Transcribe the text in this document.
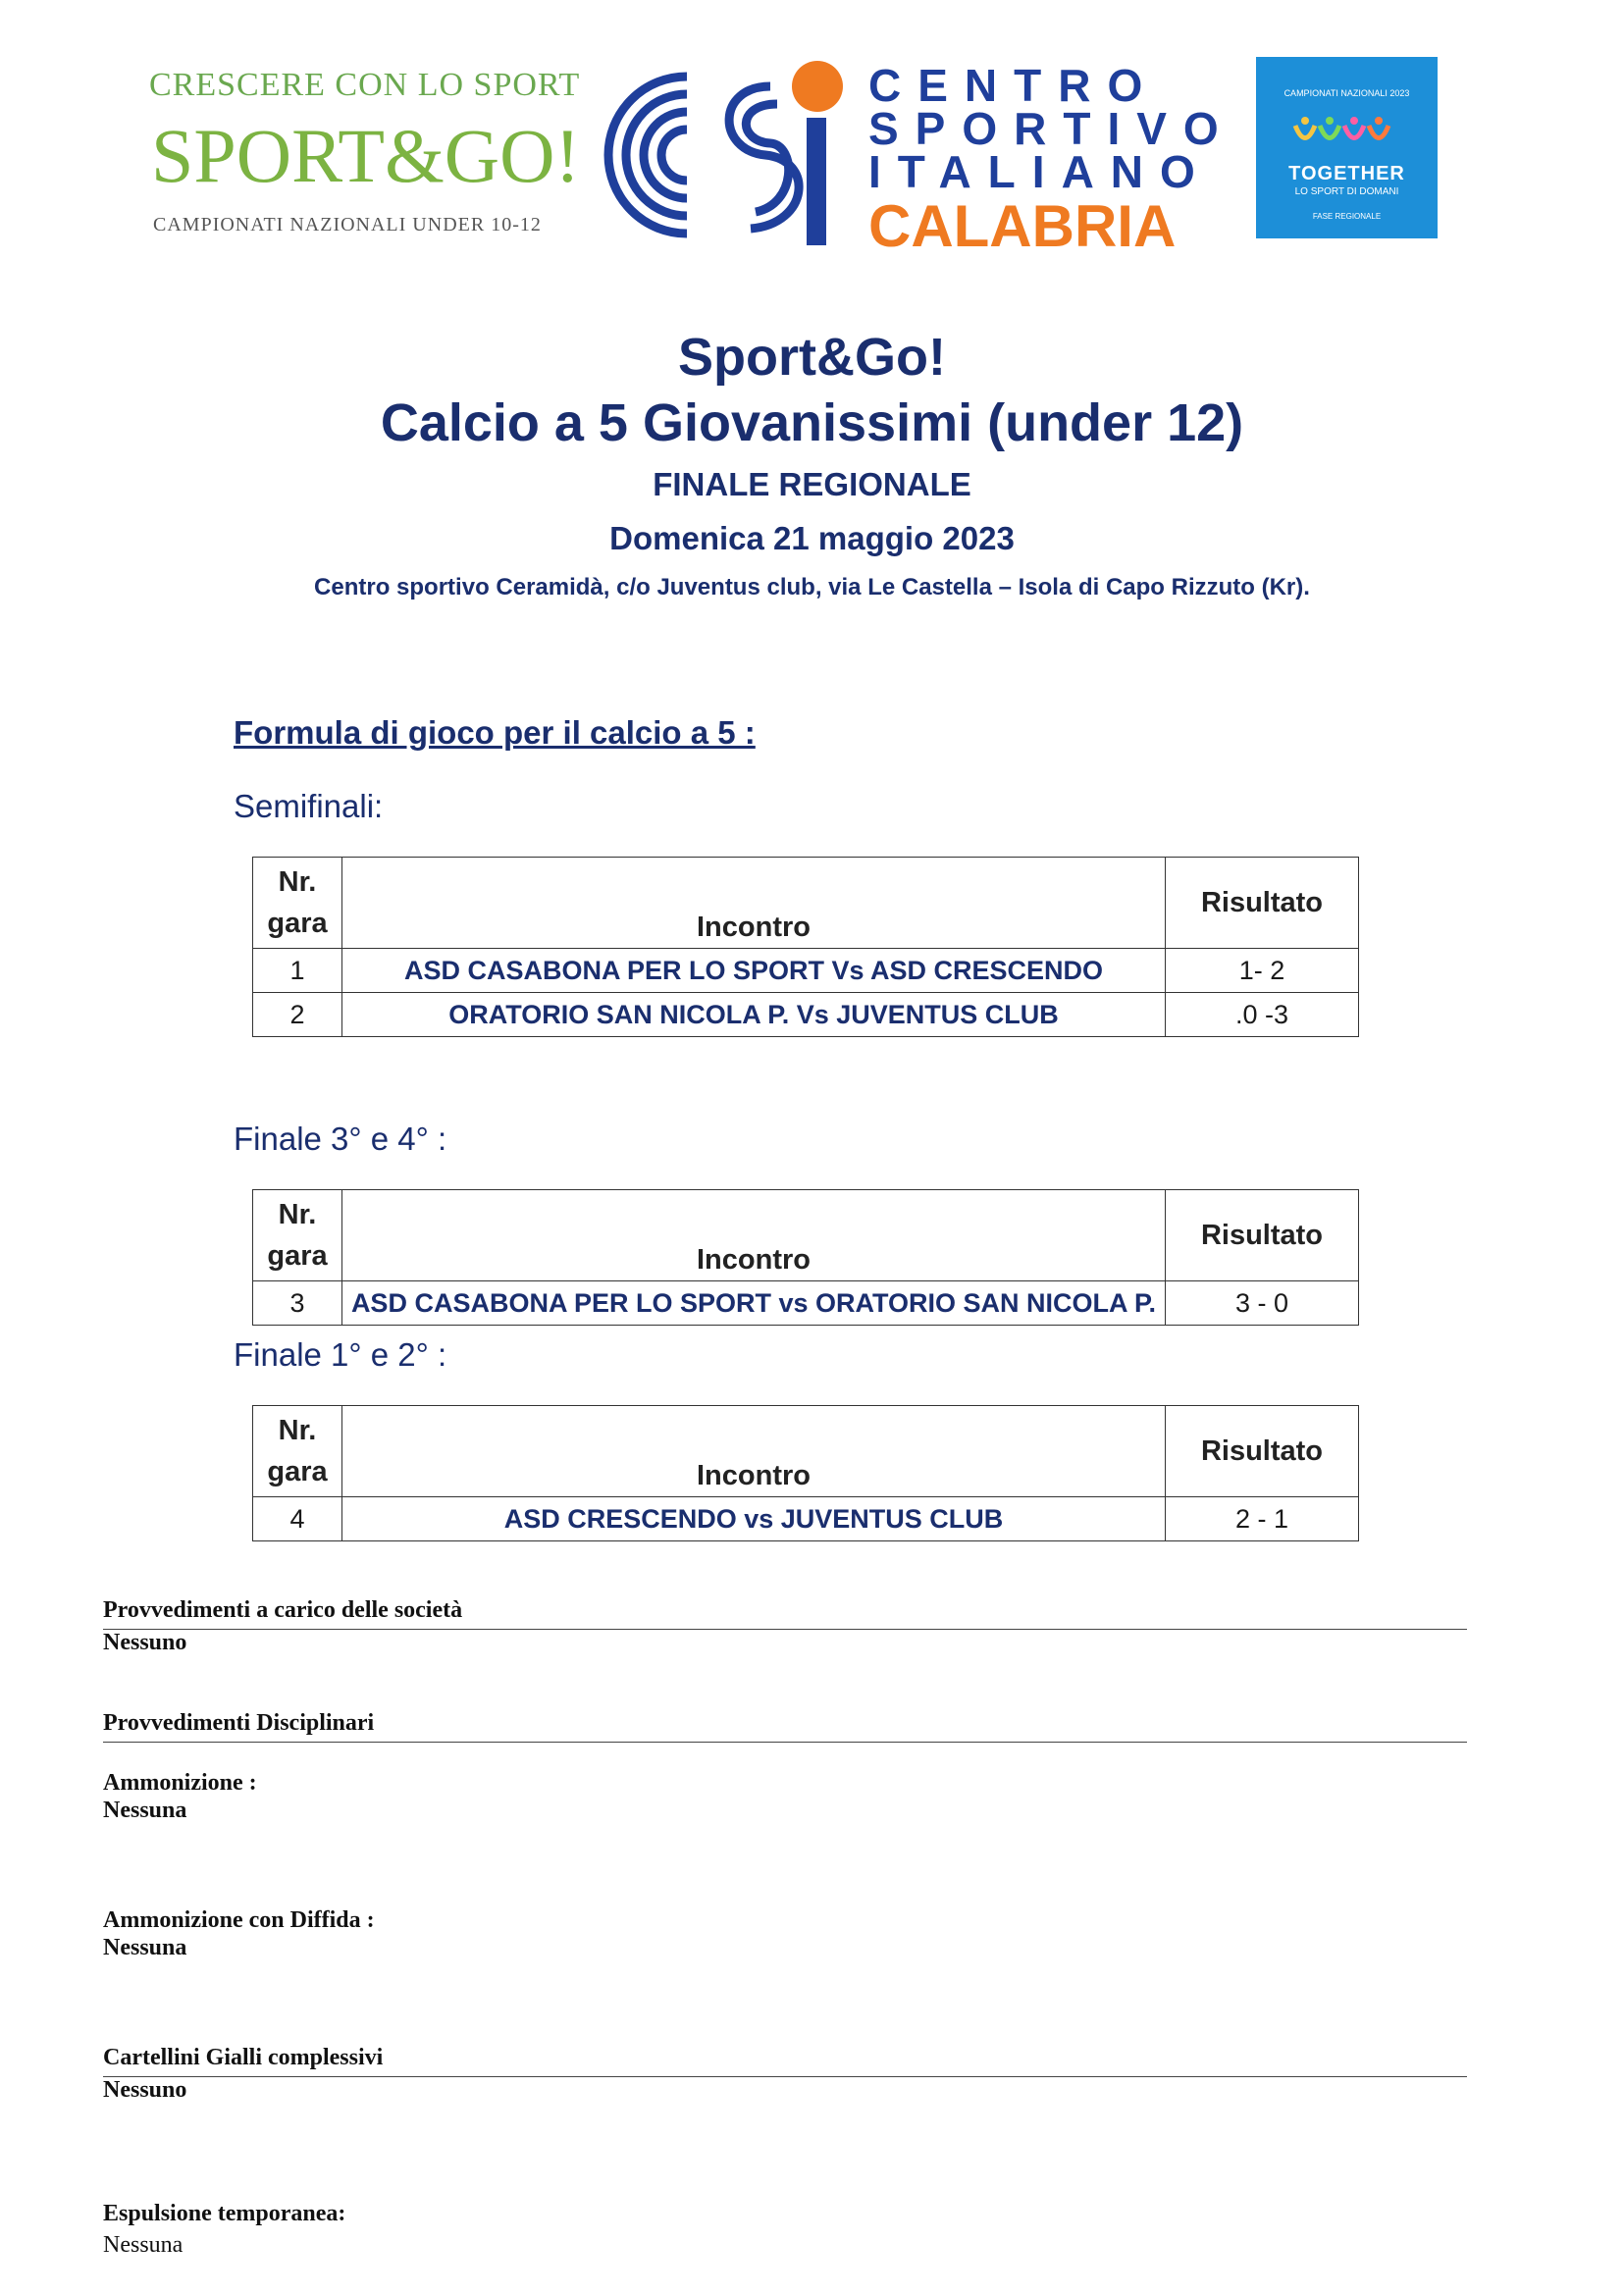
CRESCERE CON LO SPORT
SPORT&GO!
CAMPIONATI NAZIONALI UNDER 10-12
CENTRO
SPORTIVO
ITALIANO
CALABRIA
CAMPIONATI NAZIONALI 2023
TOGETHER
LO SPORT DI DOMANI
FASE REGIONALE
Sport&Go!
Calcio a 5 Giovanissimi (under 12)
FINALE REGIONALE
Domenica 21 maggio 2023
Centro sportivo Ceramidà, c/o Juventus club, via Le Castella – Isola di Capo Rizzuto (Kr).
Formula di gioco per il calcio a 5 :
Semifinali:
Nr.
gara	Incontro	Risultato
1	ASD CASABONA PER LO SPORT Vs ASD CRESCENDO	1- 2
2	ORATORIO SAN NICOLA P. Vs JUVENTUS CLUB	.0 -3
Finale 3° e 4° :
Nr.
gara	Incontro	Risultato
3	ASD CASABONA PER LO SPORT vs ORATORIO SAN NICOLA P.	3 - 0
Finale 1° e 2° :
Nr.
gara	Incontro	Risultato
4	ASD CRESCENDO vs JUVENTUS CLUB	2 - 1
Provvedimenti a carico delle società
Nessuno
Provvedimenti Disciplinari
Ammonizione :
Nessuna
Ammonizione con Diffida :
Nessuna
Cartellini Gialli complessivi
Nessuno
Espulsione temporanea:
Nessuna
